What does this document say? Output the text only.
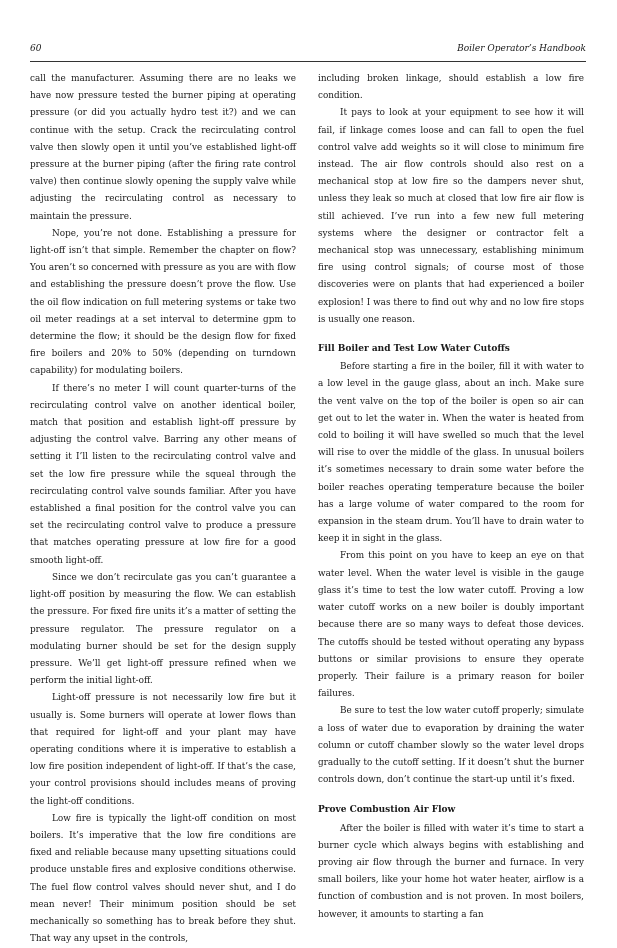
60	Boiler Operator’s Handbook

call the manufacturer. Assuming there are no leaks we have now pressure tested the burner piping at operating pressure (or did you actually hydro test it?) and we can continue with the setup. Crack the recirculating control valve then slowly open it until you’ve established light-off pressure at the burner piping (after the firing rate control valve) then continue slowly opening the supply valve while adjusting the recirculating control as necessary to maintain the pressure.

Nope, you’re not done. Establishing a pressure for light-off isn’t that simple. Remember the chapter on flow? You aren’t so concerned with pressure as you are with flow and establishing the pressure doesn’t prove the flow. Use the oil flow indication on full metering systems or take two oil meter readings at a set interval to determine gpm to determine the flow; it should be the design flow for fixed fire boilers and 20% to 50% (depending on turndown capability) for modulating boilers.

If there’s no meter I will count quarter-turns of the recirculating control valve on another identical boiler, match that position and establish light-off pressure by adjusting the control valve. Barring any other means of setting it I’ll listen to the recirculating control valve and set the low fire pressure while the squeal through the recirculating control valve sounds familiar. After you have established a final position for the control valve you can set the recirculating control valve to produce a pressure that matches operating pressure at low fire for a good smooth light-off.

Since we don’t recirculate gas you can’t guarantee a light-off position by measuring the flow. We can establish the pressure. For fixed fire units it’s a matter of setting the pressure regulator. The pressure regulator on a modulating burner should be set for the design supply pressure. We’ll get light-off pressure refined when we perform the initial light-off.

Light-off pressure is not necessarily low fire but it usually is. Some burners will operate at lower flows than that required for light-off and your plant may have operating conditions where it is imperative to establish a low fire position independent of light-off. If that’s the case, your control provisions should includes means of proving the light-off conditions.

Low fire is typically the light-off condition on most boilers. It’s imperative that the low fire conditions are fixed and reliable because many upsetting situations could produce unstable fires and explosive conditions otherwise. The fuel flow control valves should never shut, and I do mean never! Their minimum position should be set mechanically so something has to break before they shut. That way any upset in the controls,

including broken linkage, should establish a low fire condition.

It pays to look at your equipment to see how it will fail, if linkage comes loose and can fall to open the fuel control valve add weights so it will close to minimum fire instead. The air flow controls should also rest on a mechanical stop at low fire so the dampers never shut, unless they leak so much at closed that low fire air flow is still achieved. I’ve run into a few new full metering systems where the designer or contractor felt a mechanical stop was unnecessary, establishing minimum fire using control signals; of course most of those discoveries were on plants that had experienced a boiler explosion! I was there to find out why and no low fire stops is usually one reason.

Fill Boiler and Test Low Water Cutoffs

Before starting a fire in the boiler, fill it with water to a low level in the gauge glass, about an inch. Make sure the vent valve on the top of the boiler is open so air can get out to let the water in. When the water is heated from cold to boiling it will have swelled so much that the level will rise to over the middle of the glass. In unusual boilers it’s sometimes necessary to drain some water before the boiler reaches operating temperature because the boiler has a large volume of water compared to the room for expansion in the steam drum. You’ll have to drain water to keep it in sight in the glass.

From this point on you have to keep an eye on that water level. When the water level is visible in the gauge glass it’s time to test the low water cutoff. Proving a low water cutoff works on a new boiler is doubly important because there are so many ways to defeat those devices. The cutoffs should be tested without operating any bypass buttons or similar provisions to ensure they operate properly. Their failure is a primary reason for boiler failures.

Be sure to test the low water cutoff properly; simulate a loss of water due to evaporation by draining the water column or cutoff chamber slowly so the water level drops gradually to the cutoff setting. If it doesn’t shut the burner controls down, don’t continue the start-up until it’s fixed.

Prove Combustion Air Flow

After the boiler is filled with water it’s time to start a burner cycle which always begins with establishing and proving air flow through the burner and furnace. In very small boilers, like your home hot water heater, airflow is a function of combustion and is not proven. In most boilers, however, it amounts to starting a fan
